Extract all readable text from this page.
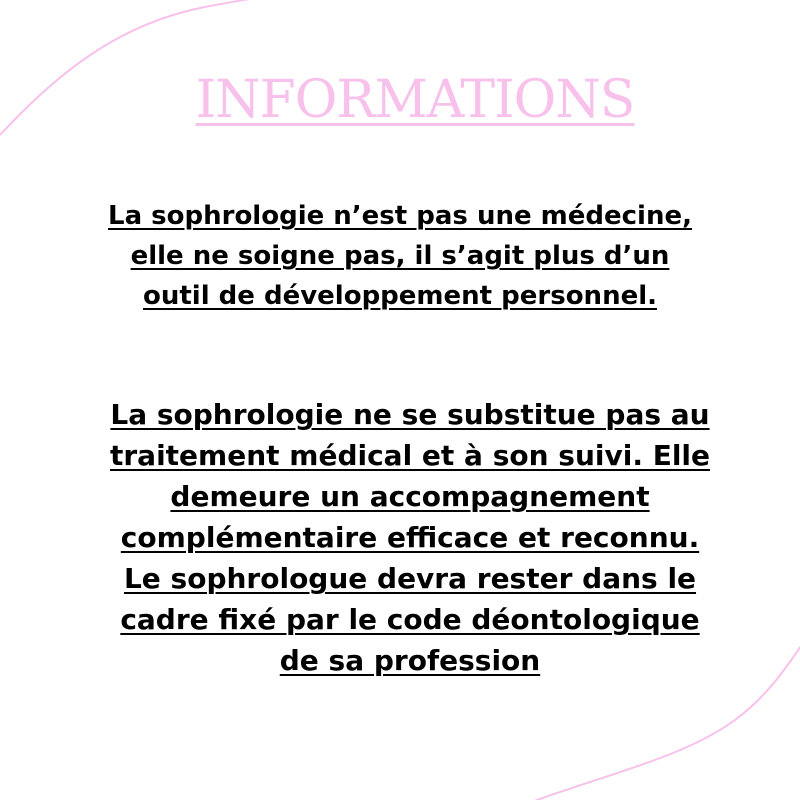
INFORMATIONS

La sophrologie n’est pas une médecine,
elle ne soigne pas, il s’agit plus d’un
outil de développement personnel.

La sophrologie ne se substitue pas au
traitement médical et à son suivi. Elle
demeure un accompagnement
complémentaire efficace et reconnu.
Le sophrologue devra rester dans le
cadre fixé par le code déontologique
de sa profession
